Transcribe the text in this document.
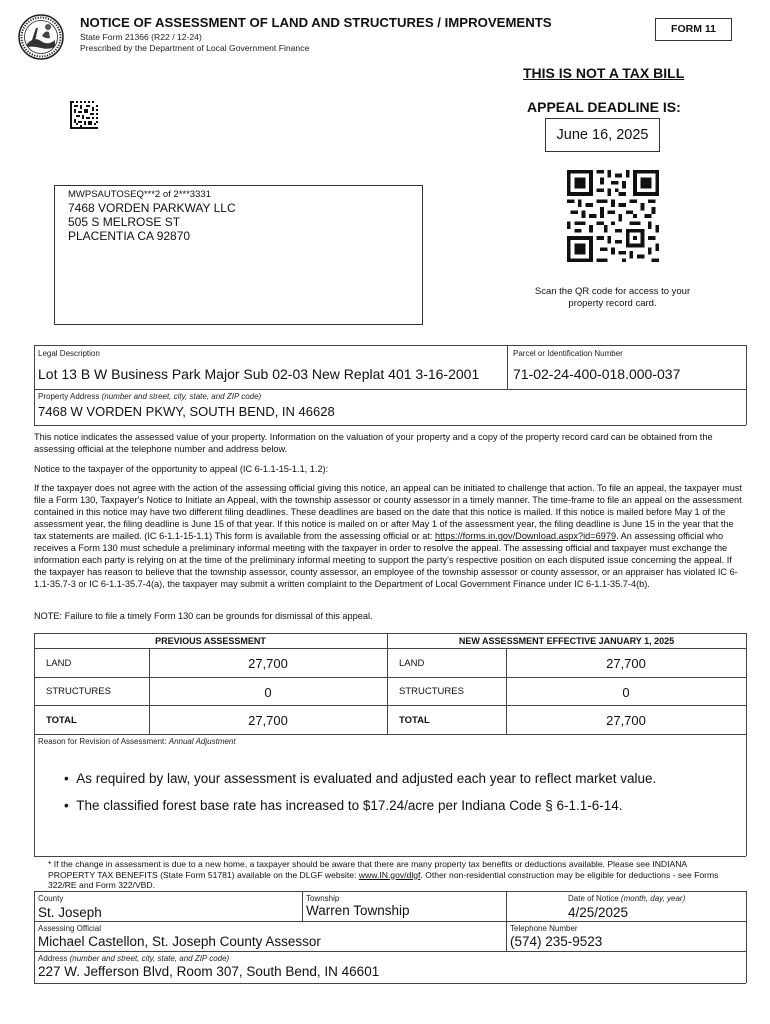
NOTICE OF ASSESSMENT OF LAND AND STRUCTURES / IMPROVEMENTS
State Form 21366 (R22 / 12-24)
Prescribed by the Department of Local Government Finance
FORM 11
THIS IS NOT A TAX BILL
APPEAL DEADLINE IS:
June 16, 2025
Scan the QR code for access to your property record card.
MWPSAUTOSEQ***2 of 2***3331
7468 VORDEN PARKWAY LLC
505 S MELROSE ST
PLACENTIA CA 92870
Legal Description
Lot 13 B W Business Park Major Sub 02-03 New Replat 401 3-16-2001
Parcel or Identification Number
71-02-24-400-018.000-037
Property Address (number and street, city, state, and ZIP code)
7468 W VORDEN PKWY, SOUTH BEND, IN 46628
This notice indicates the assessed value of your property. Information on the valuation of your property and a copy of the property record card can be obtained from the assessing official at the telephone number and address below.
Notice to the taxpayer of the opportunity to appeal (IC 6-1.1-15-1.1, 1.2):
If the taxpayer does not agree with the action of the assessing official giving this notice, an appeal can be initiated to challenge that action. To file an appeal, the taxpayer must file a Form 130, Taxpayer's Notice to Initiate an Appeal, with the township assessor or county assessor in a timely manner. The time-frame to file an appeal on the assessment contained in this notice may have two different filing deadlines. These deadlines are based on the date that this notice is mailed. If this notice is mailed before May 1 of the assessment year, the filing deadline is June 15 of that year. If this notice is mailed on or after May 1 of the assessment year, the filing deadline is June 15 in the year that the tax statements are mailed. (IC 6-1.1-15-1.1) This form is available from the assessing official or at: https://forms.in.gov/Download.aspx?id=6979. An assessing official who receives a Form 130 must schedule a preliminary informal meeting with the taxpayer in order to resolve the appeal. The assessing official and taxpayer must exchange the information each party is relying on at the time of the preliminary informal meeting to support the party's respective position on each disputed issue concerning the appeal. If the taxpayer has reason to believe that the township assessor, county assessor, an employee of the township assessor or county assessor, or an appraiser has violated IC 6-1.1-35.7-3 or IC 6-1.1-35.7-4(a), the taxpayer may submit a written complaint to the Department of Local Government Finance under IC 6-1.1-35.7-4(b).
NOTE: Failure to file a timely Form 130 can be grounds for dismissal of this appeal.
PREVIOUS ASSESSMENT	NEW ASSESSMENT EFFECTIVE JANUARY 1, 2025
LAND	27,700	LAND	27,700
STRUCTURES	0	STRUCTURES	0
TOTAL	27,700	TOTAL	27,700
Reason for Revision of Assessment: Annual Adjustment
•  As required by law, your assessment is evaluated and adjusted each year to reflect market value.
•  The classified forest base rate has increased to $17.24/acre per Indiana Code § 6-1.1-6-14.
* If the change in assessment is due to a new home, a taxpayer should be aware that there are many property tax benefits or deductions available. Please see INDIANA PROPERTY TAX BENEFITS (State Form 51781) available on the DLGF website: www.IN.gov/dlgf. Other non-residential construction may be eligible for deductions - see Forms 322/RE and Form 322/VBD.
County
St. Joseph
Township
Warren Township
Date of Notice (month, day, year)
4/25/2025
Assessing Official
Michael Castellon, St. Joseph County Assessor
Telephone Number
(574) 235-9523
Address (number and street, city, state, and ZIP code)
227 W. Jefferson Blvd, Room 307, South Bend, IN 46601
